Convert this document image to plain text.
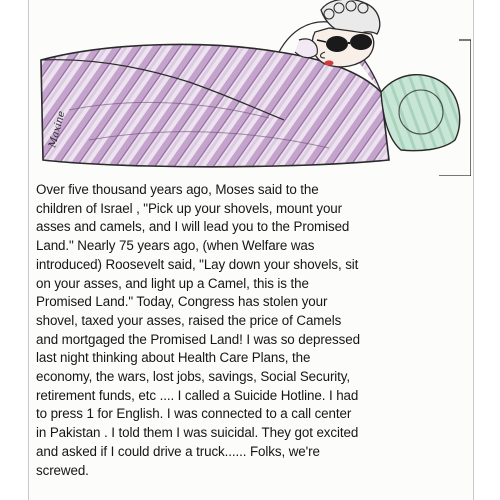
Maxine

Over five thousand years ago, Moses said to the
children of Israel , "Pick up your shovels, mount your
asses and camels, and I will lead you to the Promised
Land." Nearly 75 years ago, (when Welfare was
introduced) Roosevelt said, "Lay down your shovels, sit
on your asses, and light up a Camel, this is the
Promised Land." Today, Congress has stolen your
shovel, taxed your asses, raised the price of Camels
and mortgaged the Promised Land! I was so depressed
last night thinking about Health Care Plans, the
economy, the wars, lost jobs, savings, Social Security,
retirement funds, etc .... I called a Suicide Hotline. I had
to press 1 for English. I was connected to a call center
in Pakistan . I told them I was suicidal. They got excited
and asked if I could drive a truck...... Folks, we're
screwed.
